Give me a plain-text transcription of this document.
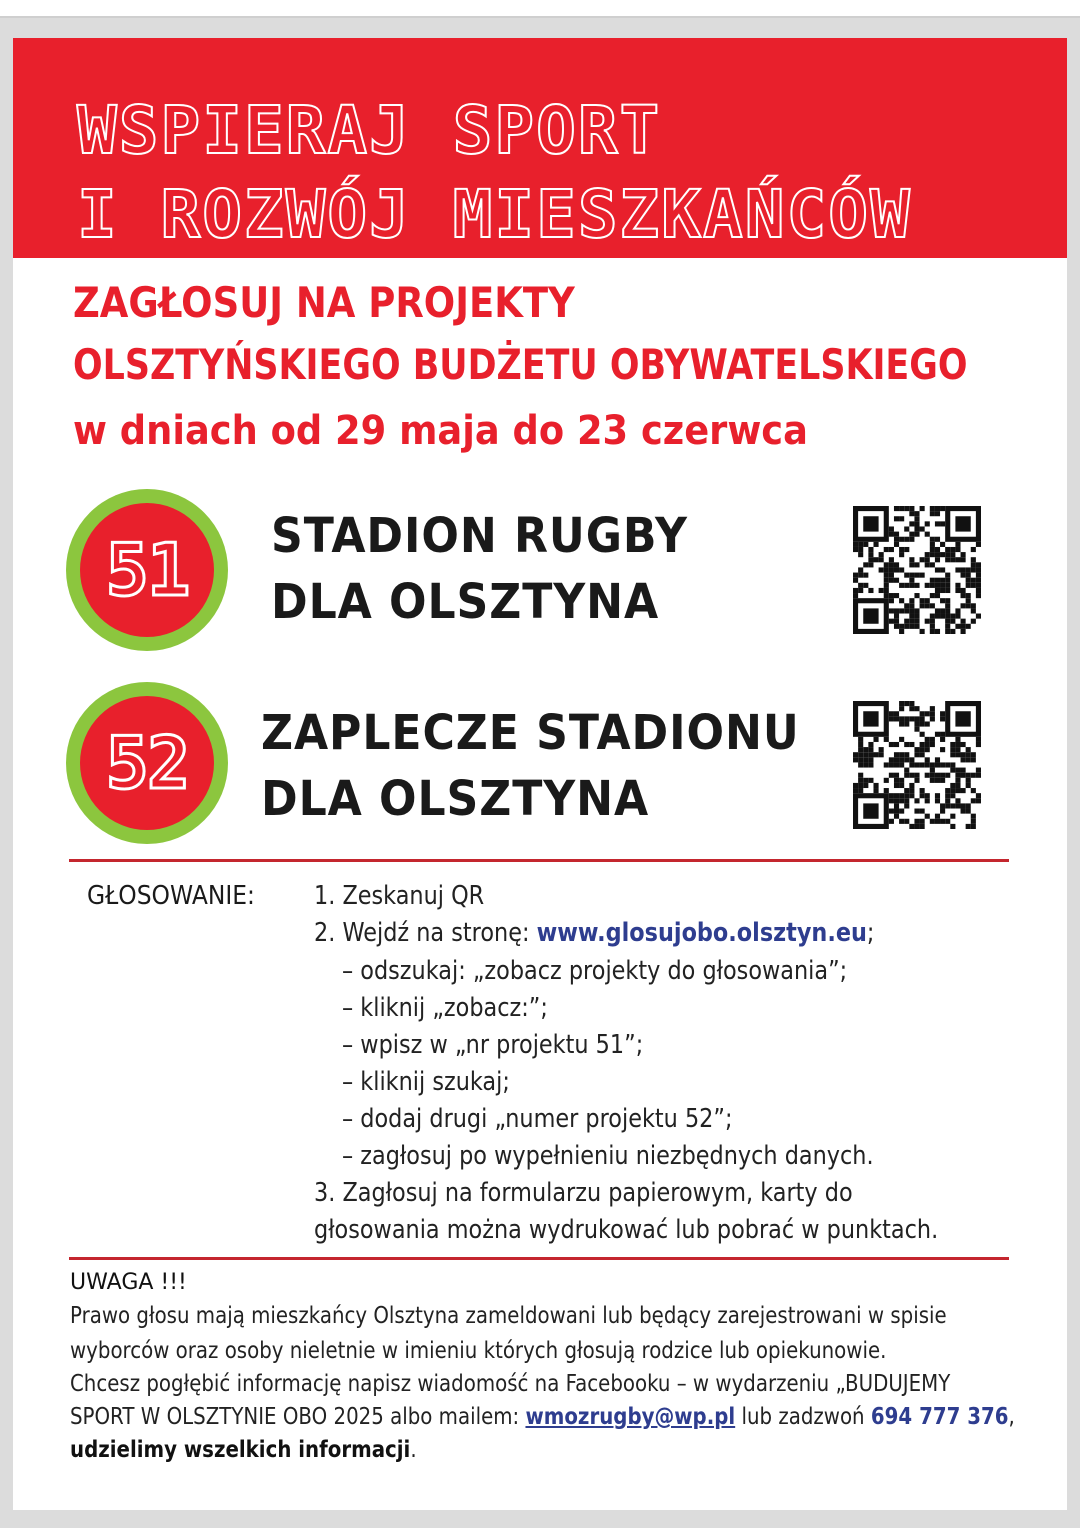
WSPIERAJ SPORT
I ROZWÓJ MIESZKAŃCÓW
ZAGŁOSUJ NA PROJEKTY
OLSZTYŃSKIEGO BUDŻETU OBYWATELSKIEGO
w dniach od 29 maja do 23 czerwca
51	STADION RUGBY
DLA OLSZTYNA
52	ZAPLECZE STADIONU
DLA OLSZTYNA
GŁOSOWANIE: 1. Zeskanuj QR
2. Wejdź na stronę: www.glosujobo.olsztyn.eu;
– odszukaj: „zobacz projekty do głosowania”;
– kliknij „zobacz:”;
– wpisz w „nr projektu 51”;
– kliknij szukaj;
– dodaj drugi „numer projektu 52”;
– zagłosuj po wypełnieniu niezbędnych danych.
3. Zagłosuj na formularzu papierowym, karty do
głosowania można wydrukować lub pobrać w punktach.
UWAGA !!!
Prawo głosu mają mieszkańcy Olsztyna zameldowani lub będący zarejestrowani w spisie
wyborców oraz osoby nieletnie w imieniu których głosują rodzice lub opiekunowie.
Chcesz pogłębić informację napisz wiadomość na Facebooku – w wydarzeniu „BUDUJEMY
SPORT W OLSZTYNIE OBO 2025 albo mailem: wmozrugby@wp.pl lub zadzwoń 694 777 376,
udzielimy wszelkich informacji.
